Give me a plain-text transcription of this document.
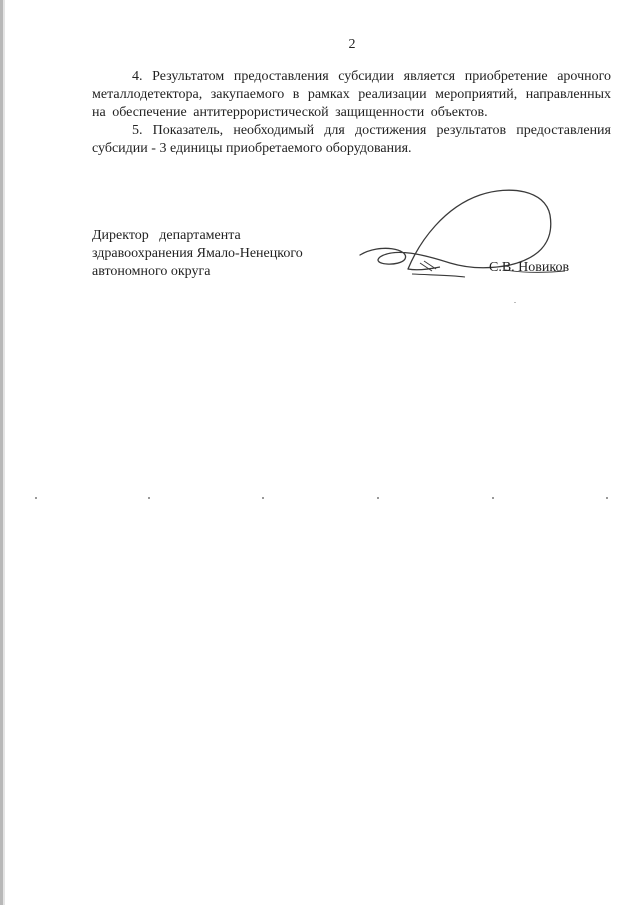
2

4. Результатом предоставления субсидии является приобретение арочного металлодетектора, закупаемого в рамках реализации мероприятий, направленных на обеспечение антитеррористической защищенности объектов.

5. Показатель, необходимый для достижения результатов предоставления субсидии - 3 единицы приобретаемого оборудования.

Директор   департамента
здравоохранения Ямало-Ненецкого
автономного округа	С.В. Новиков
